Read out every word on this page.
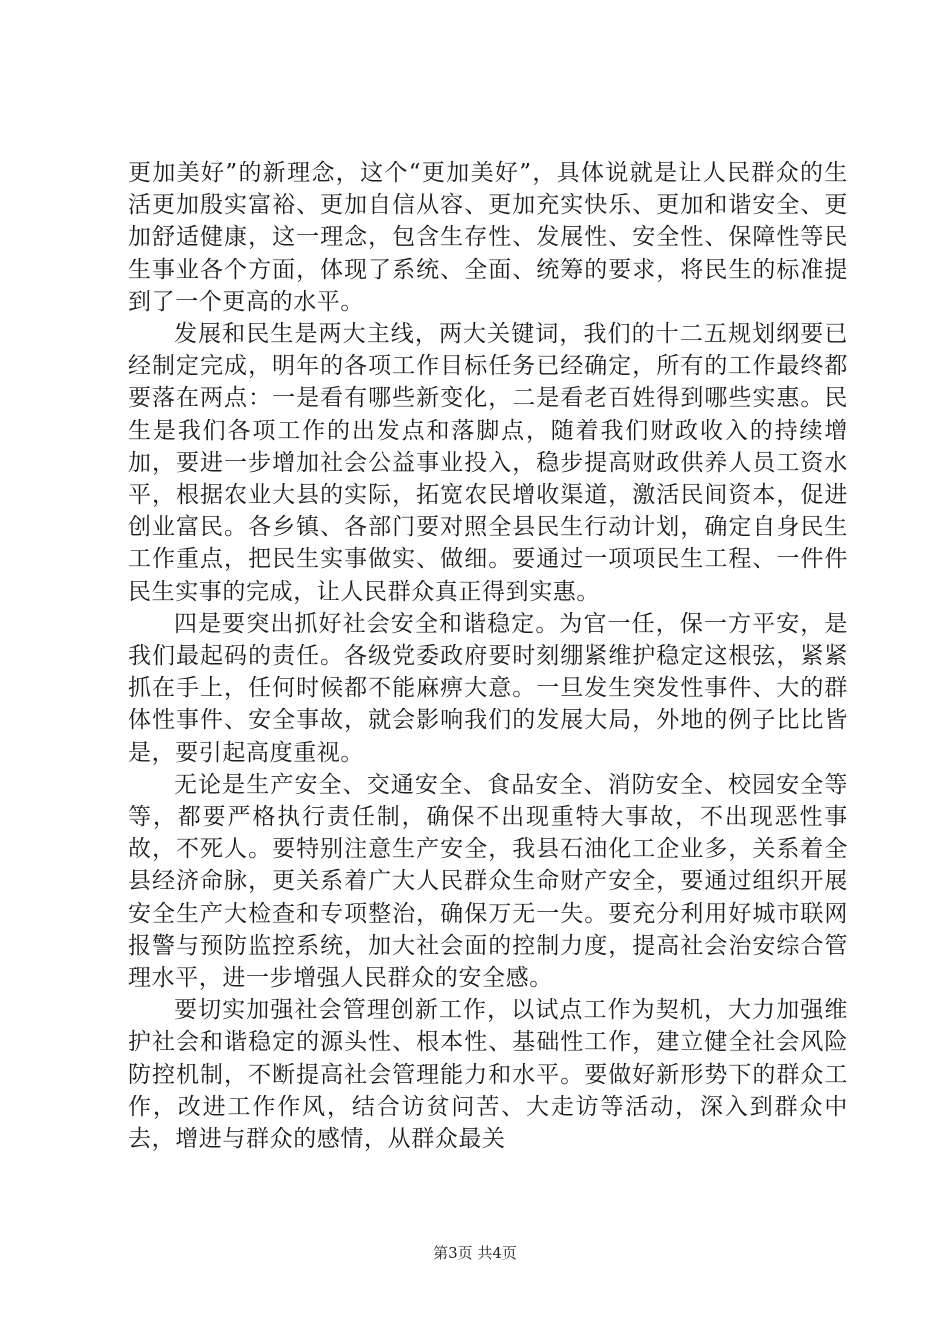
更加美好”的新理念，这个“更加美好”，具体说就是让人民群众的生活更加殷实富裕、更加自信从容、更加充实快乐、更加和谐安全、更加舒适健康，这一理念，包含生存性、发展性、安全性、保障性等民生事业各个方面，体现了系统、全面、统筹的要求，将民生的标准提到了一个更高的水平。

发展和民生是两大主线，两大关键词，我们的十二五规划纲要已经制定完成，明年的各项工作目标任务已经确定，所有的工作最终都要落在两点：一是看有哪些新变化，二是看老百姓得到哪些实惠。民生是我们各项工作的出发点和落脚点，随着我们财政收入的持续增加，要进一步增加社会公益事业投入，稳步提高财政供养人员工资水平，根据农业大县的实际，拓宽农民增收渠道，激活民间资本，促进创业富民。各乡镇、各部门要对照全县民生行动计划，确定自身民生工作重点，把民生实事做实、做细。要通过一项项民生工程、一件件民生实事的完成，让人民群众真正得到实惠。

四是要突出抓好社会安全和谐稳定。为官一任，保一方平安，是我们最起码的责任。各级党委政府要时刻绷紧维护稳定这根弦，紧紧抓在手上，任何时候都不能麻痹大意。一旦发生突发性事件、大的群体性事件、安全事故，就会影响我们的发展大局，外地的例子比比皆是，要引起高度重视。

无论是生产安全、交通安全、食品安全、消防安全、校园安全等等，都要严格执行责任制，确保不出现重特大事故，不出现恶性事故，不死人。要特别注意生产安全，我县石油化工企业多，关系着全县经济命脉，更关系着广大人民群众生命财产安全，要通过组织开展安全生产大检查和专项整治，确保万无一失。要充分利用好城市联网报警与预防监控系统，加大社会面的控制力度，提高社会治安综合管理水平，进一步增强人民群众的安全感。

要切实加强社会管理创新工作，以试点工作为契机，大力加强维护社会和谐稳定的源头性、根本性、基础性工作，建立健全社会风险防控机制，不断提高社会管理能力和水平。要做好新形势下的群众工作，改进工作作风，结合访贫问苦、大走访等活动，深入到群众中去，增进与群众的感情，从群众最关

第3页 共4页
